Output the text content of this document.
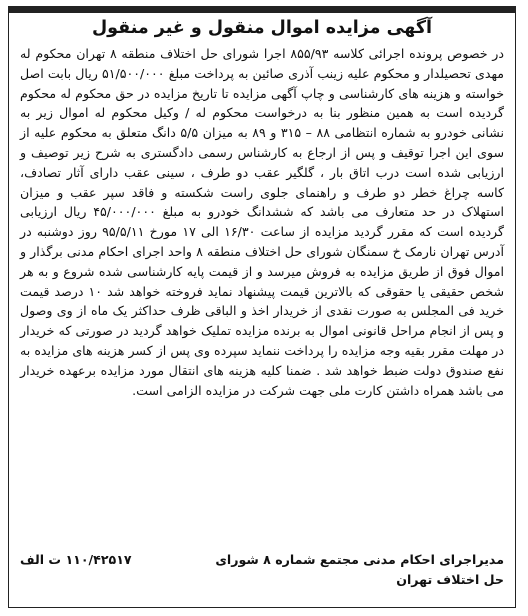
آگهی مزایده اموال منقول و غیر منقول
در خصوص پرونده اجرائی کلاسه ۸۵۵/۹۳ اجرا شورای حل اختلاف منطقه ۸ تهران محکوم له مهدی تحصیلدار و محکوم علیه زینب آذری صائین به پرداخت مبلغ ۵۱/۵۰۰/۰۰۰ ریال بابت اصل خواسته و هزینه های کارشناسی و چاپ آگهی مزایده تا تاریخ مزایده در حق محکوم له محکوم گردیده است به همین منظور بنا به درخواست محکوم له / وکیل محکوم له اموال زیر به نشانی خودرو به شماره انتظامی ۸۸ – ۳۱۵ و ۸۹ به میزان ۵/۵ دانگ متعلق به محکوم علیه از سوی این اجرا توقیف و پس از ارجاع به کارشناس رسمی دادگستری به شرح زیر توصیف و ارزیابی شده است درب اتاق بار ، گلگیر عقب دو طرف ، سینی عقب دارای آثار تصادف، کاسه چراغ خطر دو طرف و راهنمای جلوی راست شکسته و فاقد سپر عقب و میزان استهلاک در حد متعارف می باشد که ششدانگ خودرو به مبلغ ۴۵/۰۰۰/۰۰۰ ریال ارزیابی گردیده است که مقرر گردید مزایده از ساعت ۱۶/۳۰ الی ۱۷ مورخ ۹۵/۵/۱۱ روز دوشنبه در آدرس تهران نارمک خ سمنگان شورای حل اختلاف منطقه ۸ واحد اجرای احکام مدنی برگذار و اموال فوق از طریق مزایده به فروش میرسد و از قیمت پایه کارشناسی شده شروع و به هر شخص حقیقی یا حقوقی که بالاترین قیمت پیشنهاد نماید فروخته خواهد شد ۱۰ درصد قیمت خرید فی المجلس به صورت نقدی از خریدار اخذ و الباقی ظرف حداکثر یک ماه از وی وصول و پس از انجام مراحل قانونی اموال به برنده مزایده تملیک خواهد گردید در صورتی که خریدار در مهلت مقرر بقیه وجه مزایده را پرداخت ننماید سپرده وی پس از کسر هزینه های مزایده به نفع صندوق دولت ضبط خواهد شد . ضمنا کلیه هزینه های انتقال مورد مزایده برعهده خریدار می باشد همراه داشتن کارت ملی جهت شرکت در مزایده الزامی است.
مدیراجرای احکام مدنی مجتمع شماره ۸ شورای حل اختلاف تهران
۱۱۰/۴۲۵۱۷ ت الف
